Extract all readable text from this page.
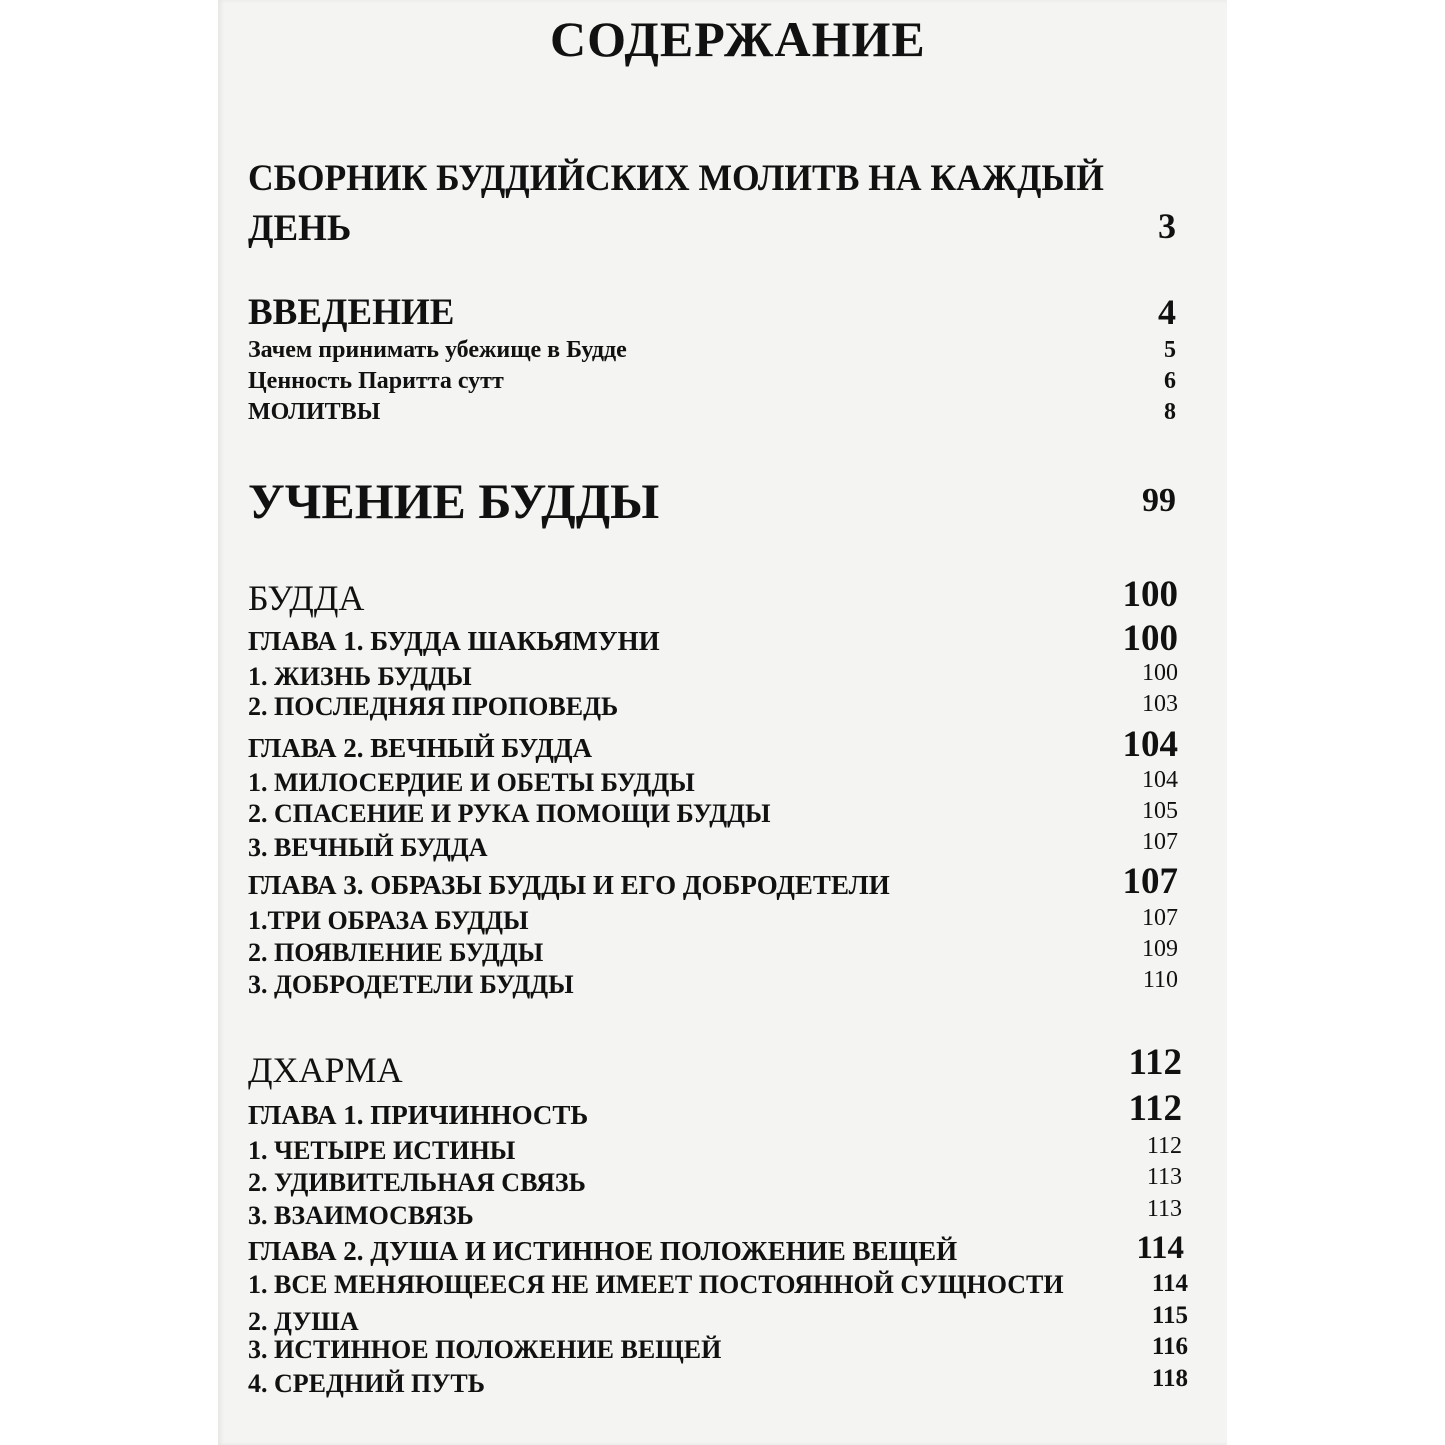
СОДЕРЖАНИЕ
СБОРНИК БУДДИЙСКИХ МОЛИТВ НА КАЖДЫЙ
ДЕНЬ	3
ВВЕДЕНИЕ	4
Зачем принимать убежище в Будде	5
Ценность Паритта сутт	6
МОЛИТВЫ	8
УЧЕНИЕ БУДДЫ	99
БУДДА	100
ГЛАВА 1. БУДДА ШАКЬЯМУНИ	100
1. ЖИЗНЬ БУДДЫ	100
2. ПОСЛЕДНЯЯ ПРОПОВЕДЬ	103
ГЛАВА 2. ВЕЧНЫЙ БУДДА	104
1. МИЛОСЕРДИЕ И ОБЕТЫ БУДДЫ	104
2. СПАСЕНИЕ И РУКА ПОМОЩИ БУДДЫ	105
3. ВЕЧНЫЙ БУДДА	107
ГЛАВА 3. ОБРАЗЫ БУДДЫ И ЕГО ДОБРОДЕТЕЛИ	107
1.ТРИ ОБРАЗА БУДДЫ	107
2. ПОЯВЛЕНИЕ БУДДЫ	109
3. ДОБРОДЕТЕЛИ БУДДЫ	110
ДХАРМА	112
ГЛАВА 1. ПРИЧИННОСТЬ	112
1. ЧЕТЫРЕ ИСТИНЫ	112
2. УДИВИТЕЛЬНАЯ СВЯЗЬ	113
3. ВЗАИМОСВЯЗЬ	113
ГЛАВА 2. ДУША И ИСТИННОЕ ПОЛОЖЕНИЕ ВЕЩЕЙ	114
1. ВСЕ МЕНЯЮЩЕЕСЯ НЕ ИМЕЕТ ПОСТОЯННОЙ СУЩНОСТИ	114
2. ДУША	115
3. ИСТИННОЕ ПОЛОЖЕНИЕ ВЕЩЕЙ	116
4. СРЕДНИЙ ПУТЬ	118
